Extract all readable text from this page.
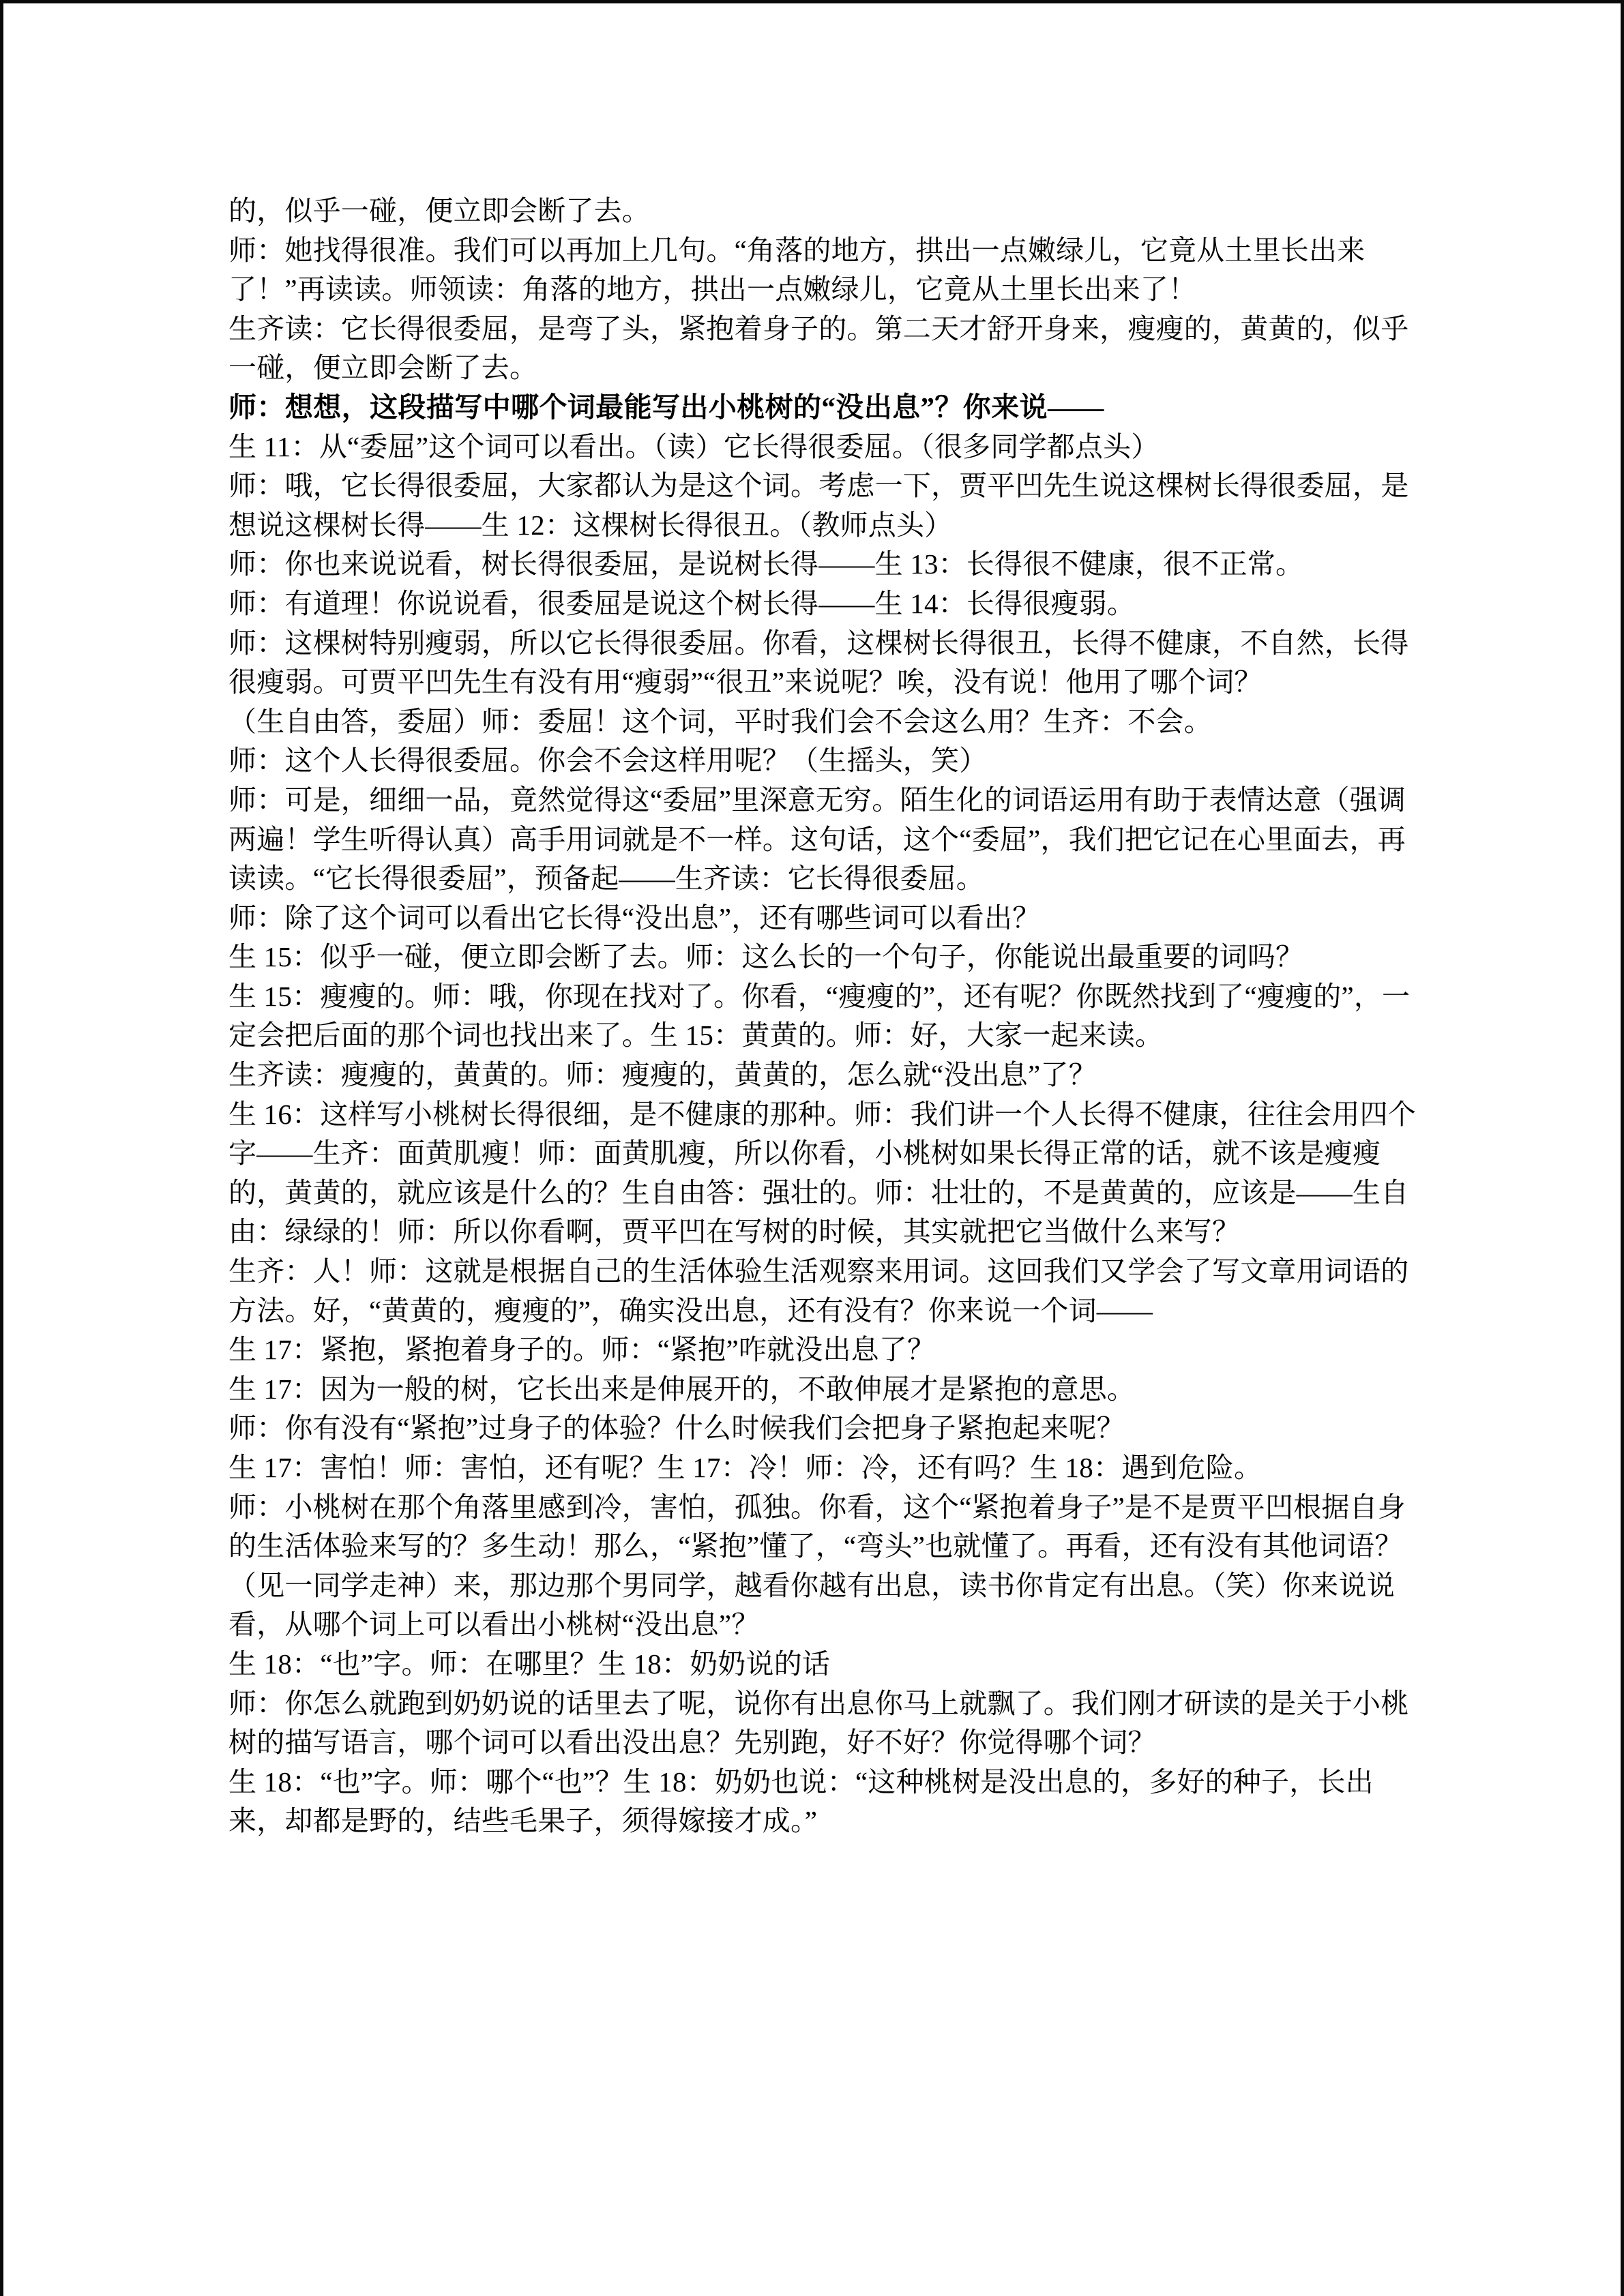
的，似乎一碰，便立即会断了去。

师：她找得很准。我们可以再加上几句。“角落的地方，拱出一点嫩绿儿，它竟从土里长出来了！”再读读。师领读：角落的地方，拱出一点嫩绿儿，它竟从土里长出来了！

生齐读：它长得很委屈，是弯了头，紧抱着身子的。第二天才舒开身来，瘦瘦的，黄黄的，似乎一碰，便立即会断了去。

师：想想，这段描写中哪个词最能写出小桃树的“没出息”？你来说——

生 11：从“委屈”这个词可以看出。（读）它长得很委屈。（很多同学都点头）

师：哦，它长得很委屈，大家都认为是这个词。考虑一下，贾平凹先生说这棵树长得很委屈，是想说这棵树长得——生 12：这棵树长得很丑。（教师点头）

师：你也来说说看，树长得很委屈，是说树长得——生 13：长得很不健康，很不正常。

师：有道理！你说说看，很委屈是说这个树长得——生 14：长得很瘦弱。

师：这棵树特别瘦弱，所以它长得很委屈。你看，这棵树长得很丑，长得不健康，不自然，长得很瘦弱。可贾平凹先生有没有用“瘦弱”“很丑”来说呢？唉，没有说！他用了哪个词？

（生自由答，委屈）师：委屈！这个词，平时我们会不会这么用？生齐：不会。

师：这个人长得很委屈。你会不会这样用呢？（生摇头，笑）

师：可是，细细一品，竟然觉得这“委屈”里深意无穷。陌生化的词语运用有助于表情达意（强调两遍！学生听得认真）高手用词就是不一样。这句话，这个“委屈”，我们把它记在心里面去，再读读。“它长得很委屈”，预备起——生齐读：它长得很委屈。

师：除了这个词可以看出它长得“没出息”，还有哪些词可以看出？

生 15：似乎一碰，便立即会断了去。师：这么长的一个句子，你能说出最重要的词吗？

生 15：瘦瘦的。师：哦，你现在找对了。你看，“瘦瘦的”，还有呢？你既然找到了“瘦瘦的”，一定会把后面的那个词也找出来了。生 15：黄黄的。师：好，大家一起来读。

生齐读：瘦瘦的，黄黄的。师：瘦瘦的，黄黄的，怎么就“没出息”了？

生 16：这样写小桃树长得很细，是不健康的那种。师：我们讲一个人长得不健康，往往会用四个字——生齐：面黄肌瘦！师：面黄肌瘦，所以你看，小桃树如果长得正常的话，就不该是瘦瘦的，黄黄的，就应该是什么的？生自由答：强壮的。师：壮壮的，不是黄黄的，应该是——生自由：绿绿的！师：所以你看啊，贾平凹在写树的时候，其实就把它当做什么来写？

生齐：人！师：这就是根据自己的生活体验生活观察来用词。这回我们又学会了写文章用词语的方法。好，“黄黄的，瘦瘦的”，确实没出息，还有没有？你来说一个词——

生 17：紧抱，紧抱着身子的。师：“紧抱”咋就没出息了？

生 17：因为一般的树，它长出来是伸展开的，不敢伸展才是紧抱的意思。

师：你有没有“紧抱”过身子的体验？什么时候我们会把身子紧抱起来呢？

生 17：害怕！师：害怕，还有呢？生 17：冷！师：冷，还有吗？生 18：遇到危险。

师：小桃树在那个角落里感到冷，害怕，孤独。你看，这个“紧抱着身子”是不是贾平凹根据自身的生活体验来写的？多生动！那么，“紧抱”懂了，“弯头”也就懂了。再看，还有没有其他词语？（见一同学走神）来，那边那个男同学，越看你越有出息，读书你肯定有出息。（笑）你来说说看，从哪个词上可以看出小桃树“没出息”？

生 18：“也”字。师：在哪里？生 18：奶奶说的话

师：你怎么就跑到奶奶说的话里去了呢，说你有出息你马上就飘了。我们刚才研读的是关于小桃树的描写语言，哪个词可以看出没出息？先别跑，好不好？你觉得哪个词？

生 18：“也”字。师：哪个“也”？生 18：奶奶也说：“这种桃树是没出息的，多好的种子，长出来，却都是野的，结些毛果子，须得嫁接才成。”
